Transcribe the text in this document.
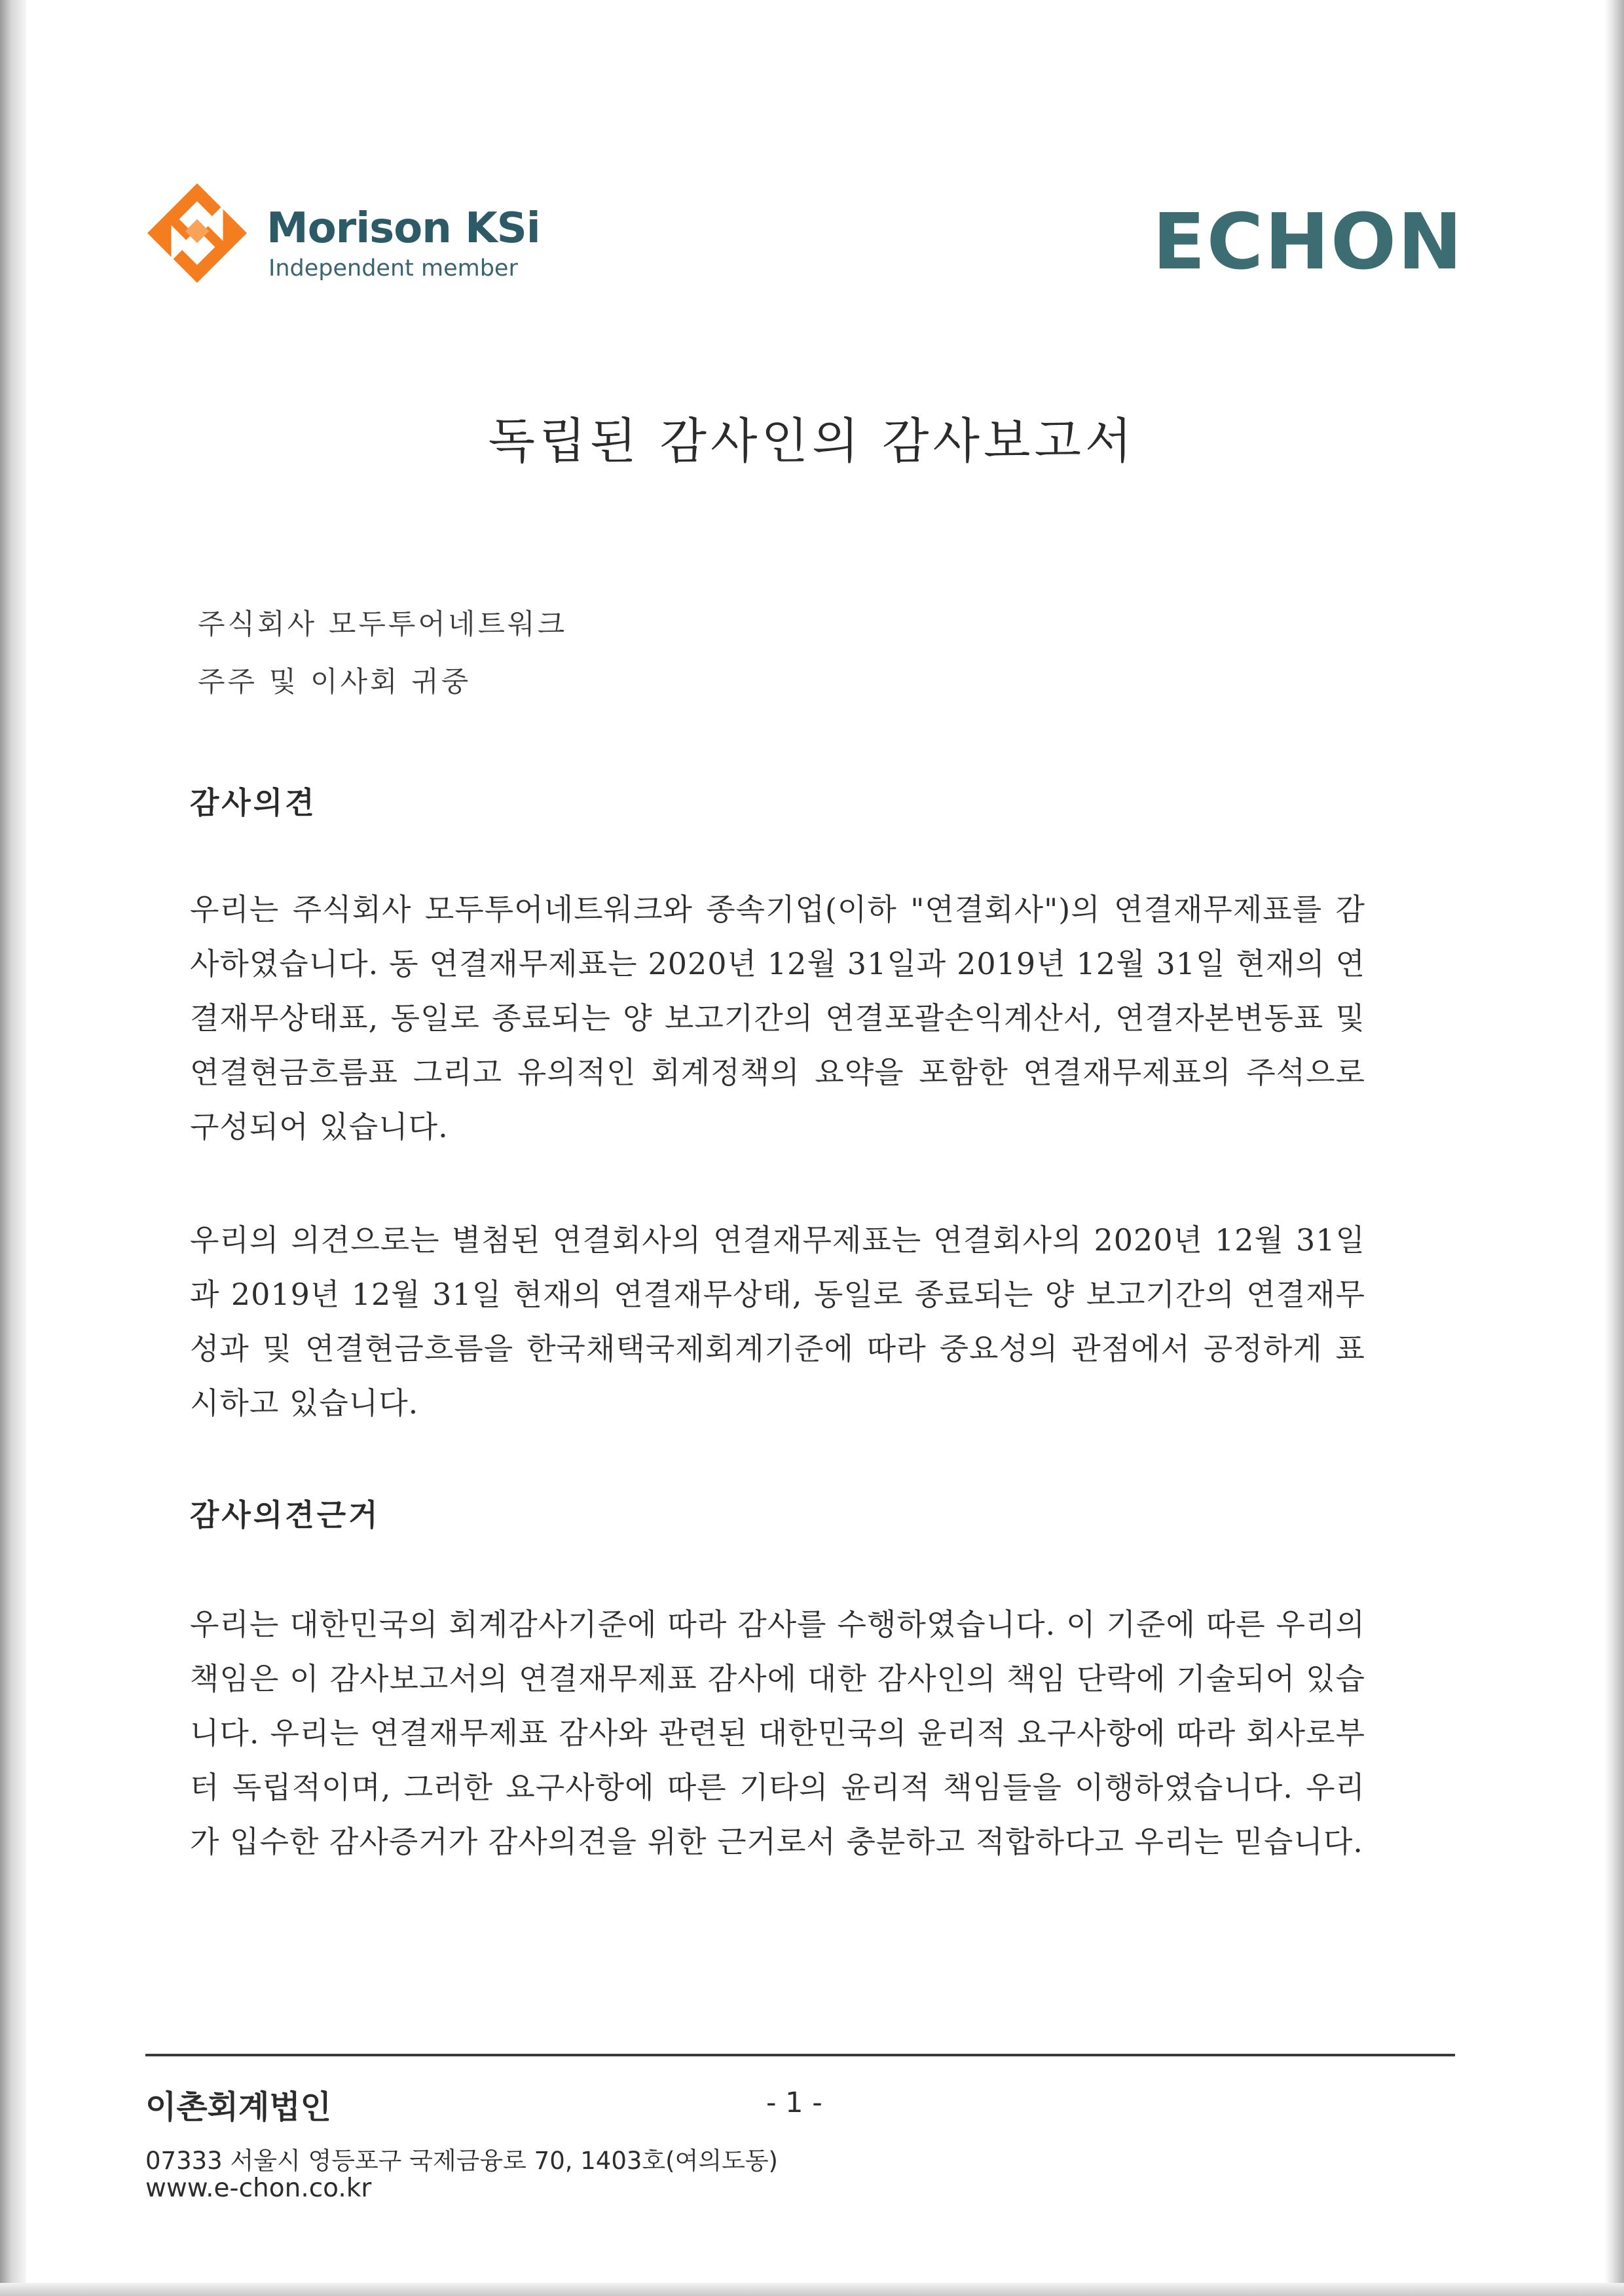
Morison KSi
Independent member	ECHON
독립된 감사인의 감사보고서
주식회사 모두투어네트워크
주주 및 이사회 귀중
감사의견
우리는 주식회사 모두투어네트워크와 종속기업(이하 "연결회사")의 연결재무제표를 감사하였습니다. 동 연결재무제표는 2020년 12월 31일과 2019년 12월 31일 현재의 연결재무상태표, 동일로 종료되는 양 보고기간의 연결포괄손익계산서, 연결자본변동표 및 연결현금흐름표 그리고 유의적인 회계정책의 요약을 포함한 연결재무제표의 주석으로 구성되어 있습니다.
우리의 의견으로는 별첨된 연결회사의 연결재무제표는 연결회사의 2020년 12월 31일과 2019년 12월 31일 현재의 연결재무상태, 동일로 종료되는 양 보고기간의 연결재무성과 및 연결현금흐름을 한국채택국제회계기준에 따라 중요성의 관점에서 공정하게 표시하고 있습니다.
감사의견근거
우리는 대한민국의 회계감사기준에 따라 감사를 수행하였습니다. 이 기준에 따른 우리의 책임은 이 감사보고서의 연결재무제표 감사에 대한 감사인의 책임 단락에 기술되어 있습니다. 우리는 연결재무제표 감사와 관련된 대한민국의 윤리적 요구사항에 따라 회사로부터 독립적이며, 그러한 요구사항에 따른 기타의 윤리적 책임들을 이행하였습니다. 우리가 입수한 감사증거가 감사의견을 위한 근거로서 충분하고 적합하다고 우리는 믿습니다.
이촌회계법인	- 1 -
07333 서울시 영등포구 국제금융로 70, 1403호(여의도동)
www.e-chon.co.kr
